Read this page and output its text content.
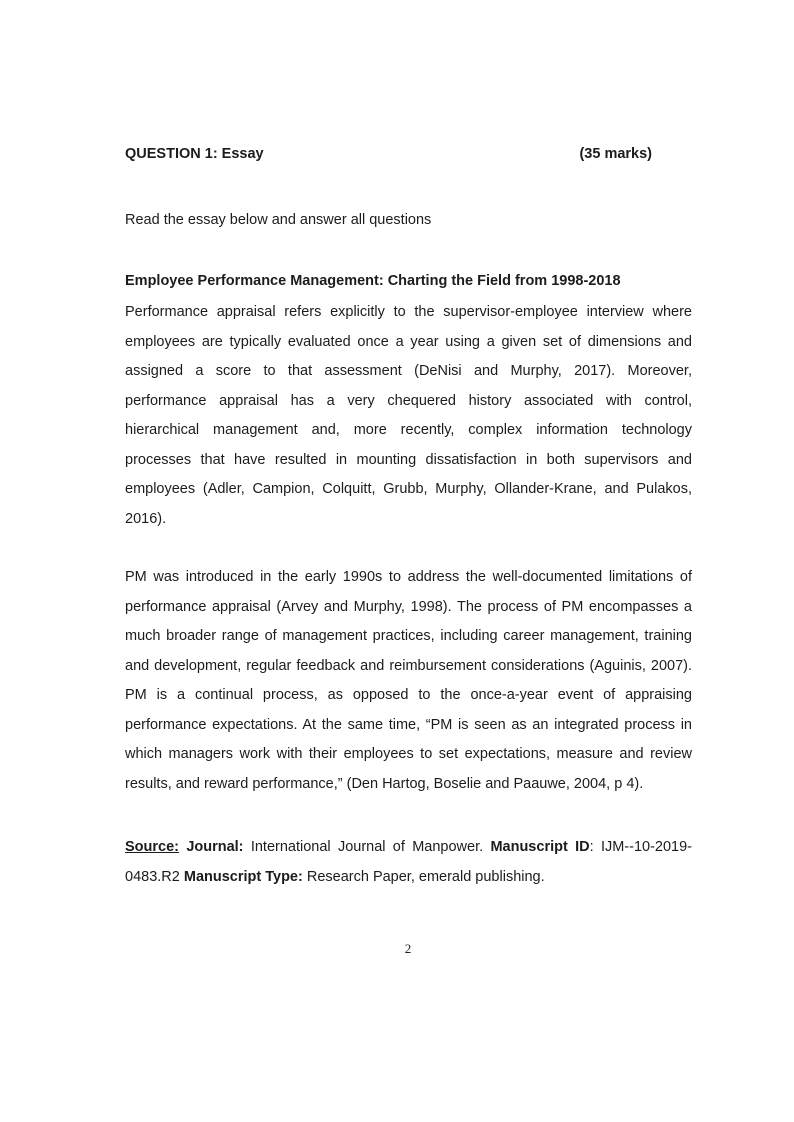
QUESTION 1: Essay	(35 marks)
Read the essay below and answer all questions
Employee Performance Management: Charting the Field from 1998-2018

Performance appraisal refers explicitly to the supervisor-employee interview where employees are typically evaluated once a year using a given set of dimensions and assigned a score to that assessment (DeNisi and Murphy, 2017). Moreover, performance appraisal has a very chequered history associated with control, hierarchical management and, more recently, complex information technology processes that have resulted in mounting dissatisfaction in both supervisors and employees (Adler, Campion, Colquitt, Grubb, Murphy, Ollander-Krane, and Pulakos, 2016).

PM was introduced in the early 1990s to address the well-documented limitations of performance appraisal (Arvey and Murphy, 1998). The process of PM encompasses a much broader range of management practices, including career management, training and development, regular feedback and reimbursement considerations (Aguinis, 2007). PM is a continual process, as opposed to the once-a-year event of appraising performance expectations. At the same time, “PM is seen as an integrated process in which managers work with their employees to set expectations, measure and review results, and reward performance,” (Den Hartog, Boselie and Paauwe, 2004, p 4).

Source: Journal: International Journal of Manpower. Manuscript ID: IJM--10-2019-0483.R2 Manuscript Type: Research Paper, emerald publishing.

2
